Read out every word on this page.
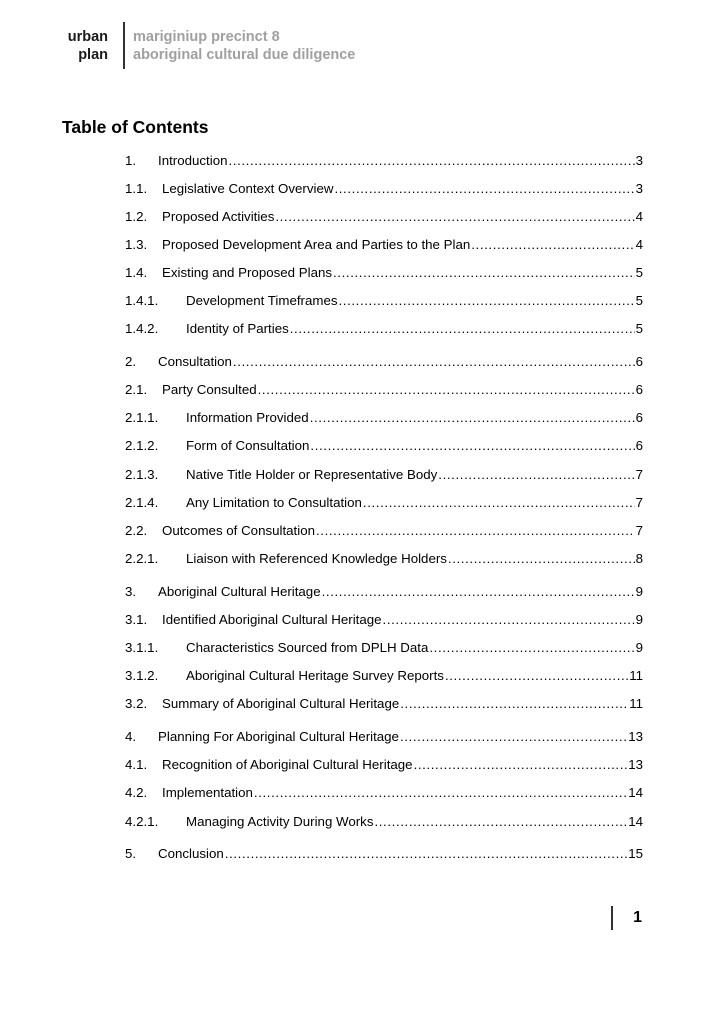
urban
plan
mariginiup precinct 8
aboriginal cultural due diligence
Table of Contents
1.	Introduction .....	3
1.1.	Legislative Context Overview .....	3
1.2.	Proposed Activities .....	4
1.3.	Proposed Development Area and Parties to the Plan .....	4
1.4.	Existing and Proposed Plans .....	5
1.4.1.	Development Timeframes .....	5
1.4.2.	Identity of Parties .....	5
2.	Consultation .....	6
2.1.	Party Consulted .....	6
2.1.1.	Information Provided .....	6
2.1.2.	Form of Consultation .....	6
2.1.3.	Native Title Holder or Representative Body .....	7
2.1.4.	Any Limitation to Consultation .....	7
2.2.	Outcomes of Consultation .....	7
2.2.1.	Liaison with Referenced Knowledge Holders .....	8
3.	Aboriginal Cultural Heritage .....	9
3.1.	Identified Aboriginal Cultural Heritage .....	9
3.1.1.	Characteristics Sourced from DPLH Data .....	9
3.1.2.	Aboriginal Cultural Heritage Survey Reports .....	11
3.2.	Summary of Aboriginal Cultural Heritage .....	11
4.	Planning For Aboriginal Cultural Heritage .....	13
4.1.	Recognition of Aboriginal Cultural Heritage .....	13
4.2.	Implementation .....	14
4.2.1.	Managing Activity During Works .....	14
5.	Conclusion .....	15
1
